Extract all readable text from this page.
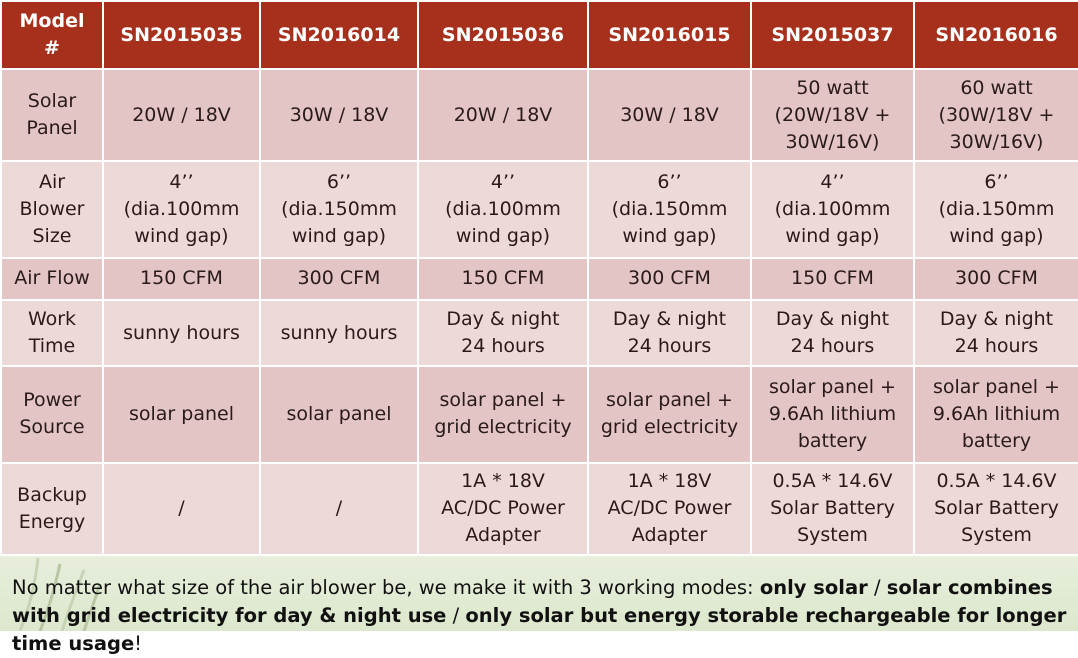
Model
#	SN2015035	SN2016014	SN2015036	SN2016015	SN2015037	SN2016016

Solar
Panel	20W / 18V	30W / 18V	20W / 18V	30W / 18V	50 watt
(20W/18V +
30W/16V)	60 watt
(30W/18V +
30W/16V)

Air
Blower
Size	4’’
(dia.100mm
wind gap)	6’’
(dia.150mm
wind gap)	4’’
(dia.100mm
wind gap)	6’’
(dia.150mm
wind gap)	4’’
(dia.100mm
wind gap)	6’’
(dia.150mm
wind gap)

Air Flow	150 CFM	300 CFM	150 CFM	300 CFM	150 CFM	300 CFM

Work
Time	sunny hours	sunny hours	Day & night
24 hours	Day & night
24 hours	Day & night
24 hours	Day & night
24 hours

Power
Source	solar panel	solar panel	solar panel +
grid electricity	solar panel +
grid electricity	solar panel +
9.6Ah lithium
battery	solar panel +
9.6Ah lithium
battery

Backup
Energy	/	/	1A * 18V
AC/DC Power
Adapter	1A * 18V
AC/DC Power
Adapter	0.5A * 14.6V
Solar Battery
System	0.5A * 14.6V
Solar Battery
System
No matter what size of the air blower be, we make it with 3 working modes: only solar / solar combines with grid electricity for day & night use / only solar but energy storable rechargeable for longer time usage!
